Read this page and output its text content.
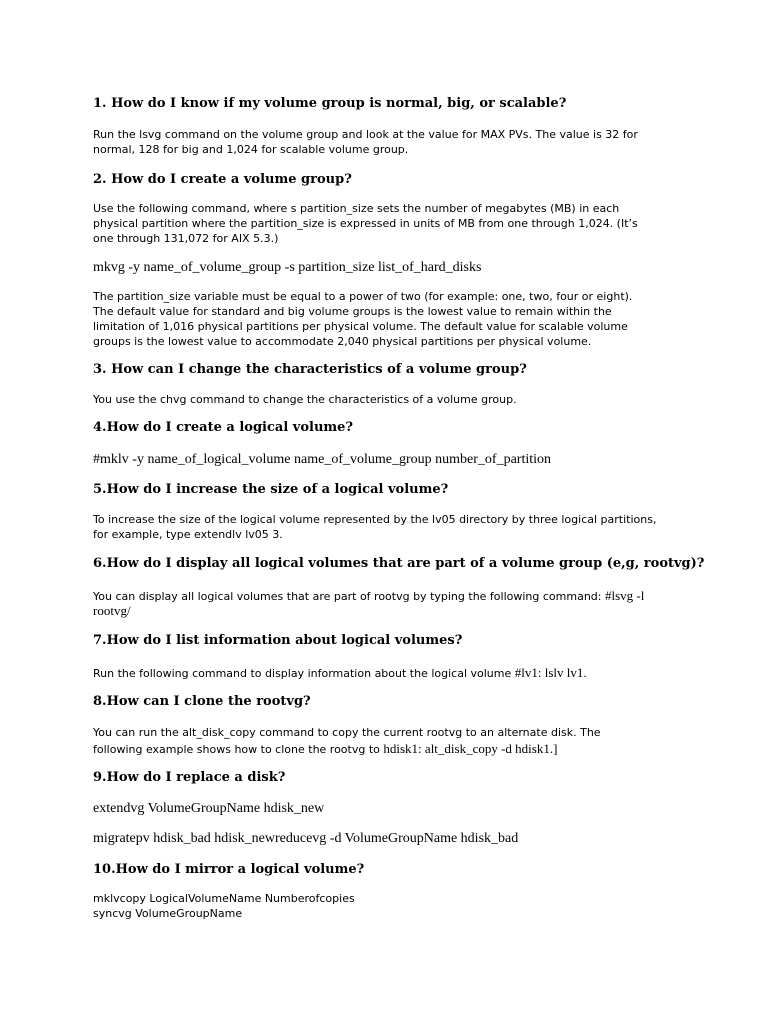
1. How do I know if my volume group is normal, big, or scalable?
Run the lsvg command on the volume group and look at the value for MAX PVs. The value is 32 for
normal, 128 for big and 1,024 for scalable volume group.
2. How do I create a volume group?
Use the following command, where s partition_size sets the number of megabytes (MB) in each
physical partition where the partition_size is expressed in units of MB from one through 1,024. (It’s
one through 131,072 for AIX 5.3.)
mkvg -y name_of_volume_group -s partition_size list_of_hard_disks
The partition_size variable must be equal to a power of two (for example: one, two, four or eight).
The default value for standard and big volume groups is the lowest value to remain within the
limitation of 1,016 physical partitions per physical volume. The default value for scalable volume
groups is the lowest value to accommodate 2,040 physical partitions per physical volume.
3. How can I change the characteristics of a volume group?
You use the chvg command to change the characteristics of a volume group.
4.How do I create a logical volume?
#mklv -y name_of_logical_volume name_of_volume_group number_of_partition
5.How do I increase the size of a logical volume?
To increase the size of the logical volume represented by the lv05 directory by three logical partitions,
for example, type extendlv lv05 3.
6.How do I display all logical volumes that are part of a volume group (e,g, rootvg)?
You can display all logical volumes that are part of rootvg by typing the following command: #lsvg -l
rootvg/
7.How do I list information about logical volumes?
Run the following command to display information about the logical volume #lv1: lslv lv1.
8.How can I clone the rootvg?
You can run the alt_disk_copy command to copy the current rootvg to an alternate disk. The
following example shows how to clone the rootvg to hdisk1: alt_disk_copy -d hdisk1.]
9.How do I replace a disk?
extendvg VolumeGroupName hdisk_new
migratepv hdisk_bad hdisk_newreducevg -d VolumeGroupName hdisk_bad
10.How do I mirror a logical volume?
mklvcopy LogicalVolumeName Numberofcopies
syncvg VolumeGroupName
